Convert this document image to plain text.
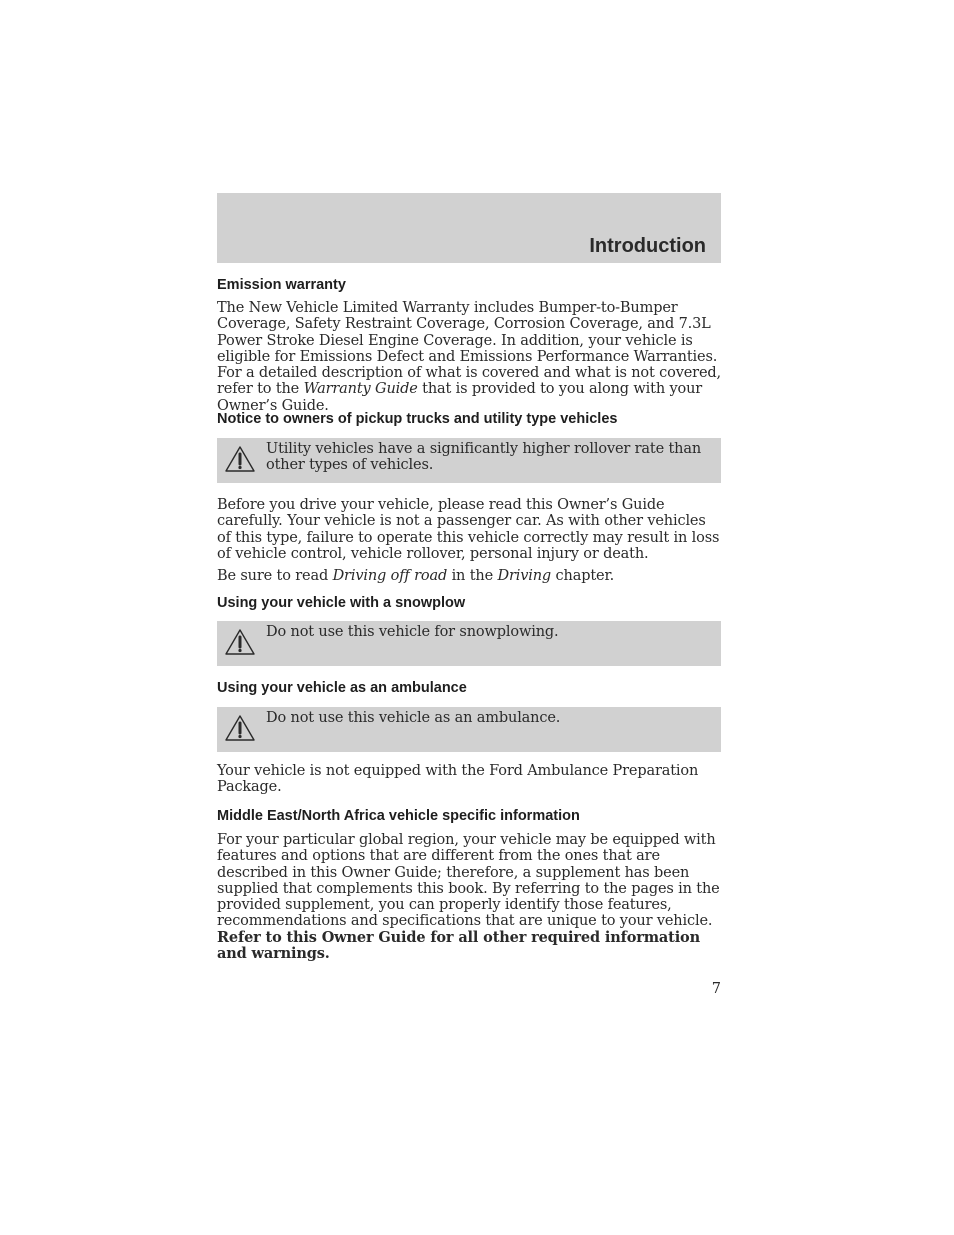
Introduction
Emission warranty

The New Vehicle Limited Warranty includes Bumper-to-Bumper Coverage, Safety Restraint Coverage, Corrosion Coverage, and 7.3L Power Stroke Diesel Engine Coverage. In addition, your vehicle is eligible for Emissions Defect and Emissions Performance Warranties. For a detailed description of what is covered and what is not covered, refer to the Warranty Guide that is provided to you along with your Owner’s Guide.

Notice to owners of pickup trucks and utility type vehicles

Utility vehicles have a significantly higher rollover rate than other types of vehicles.

Before you drive your vehicle, please read this Owner’s Guide carefully. Your vehicle is not a passenger car. As with other vehicles of this type, failure to operate this vehicle correctly may result in loss of vehicle control, vehicle rollover, personal injury or death.

Be sure to read Driving off road in the Driving chapter.

Using your vehicle with a snowplow

Do not use this vehicle for snowplowing.

Using your vehicle as an ambulance

Do not use this vehicle as an ambulance.

Your vehicle is not equipped with the Ford Ambulance Preparation Package.

Middle East/North Africa vehicle specific information

For your particular global region, your vehicle may be equipped with features and options that are different from the ones that are described in this Owner Guide; therefore, a supplement has been supplied that complements this book. By referring to the pages in the provided supplement, you can properly identify those features, recommendations and specifications that are unique to your vehicle. Refer to this Owner Guide for all other required information and warnings.

7
